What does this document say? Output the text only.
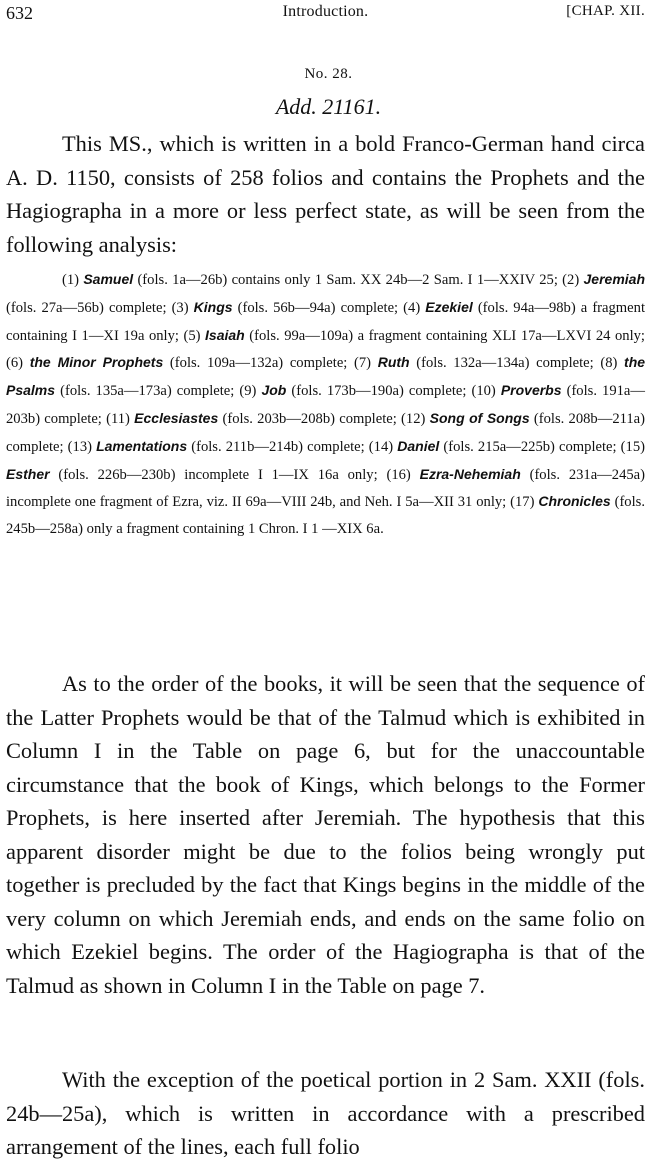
632	Introduction.	[CHAP. XII.
No. 28.
Add. 21161.

This MS., which is written in a bold Franco-German hand circa A. D. 1150, consists of 258 folios and contains the Prophets and the Hagiographa in a more or less perfect state, as will be seen from the following analysis:

(1) Samuel (fols. 1a—26b) contains only 1 Sam. XX 24b—2 Sam. I 1—XXIV 25; (2) Jeremiah (fols. 27a—56b) complete; (3) Kings (fols. 56b—94a) complete; (4) Ezekiel (fols. 94a—98b) a fragment containing I 1—XI 19a only; (5) Isaiah (fols. 99a—109a) a fragment containing XLI 17a—LXVI 24 only; (6) the Minor Prophets (fols. 109a—132a) complete; (7) Ruth (fols. 132a—134a) complete; (8) the Psalms (fols. 135a—173a) complete; (9) Job (fols. 173b—190a) complete; (10) Proverbs (fols. 191a—203b) complete; (11) Ecclesiastes (fols. 203b—208b) complete; (12) Song of Songs (fols. 208b—211a) complete; (13) Lamentations (fols. 211b—214b) complete; (14) Daniel (fols. 215a—225b) complete; (15) Esther (fols. 226b—230b) incomplete I 1—IX 16a only; (16) Ezra-Nehemiah (fols. 231a—245a) incomplete one fragment of Ezra, viz. II 69a—VIII 24b, and Neh. I 5a—XII 31 only; (17) Chronicles (fols. 245b—258a) only a fragment containing 1 Chron. I 1 —XIX 6a.

As to the order of the books, it will be seen that the sequence of the Latter Prophets would be that of the Talmud which is exhibited in Column I in the Table on page 6, but for the unaccountable circumstance that the book of Kings, which belongs to the Former Prophets, is here inserted after Jeremiah. The hypothesis that this apparent disorder might be due to the folios being wrongly put together is precluded by the fact that Kings begins in the middle of the very column on which Jeremiah ends, and ends on the same folio on which Ezekiel begins. The order of the Hagiographa is that of the Talmud as shown in Column I in the Table on page 7.

With the exception of the poetical portion in 2 Sam. XXII (fols. 24b—25a), which is written in accordance with a prescribed arrangement of the lines, each full folio
